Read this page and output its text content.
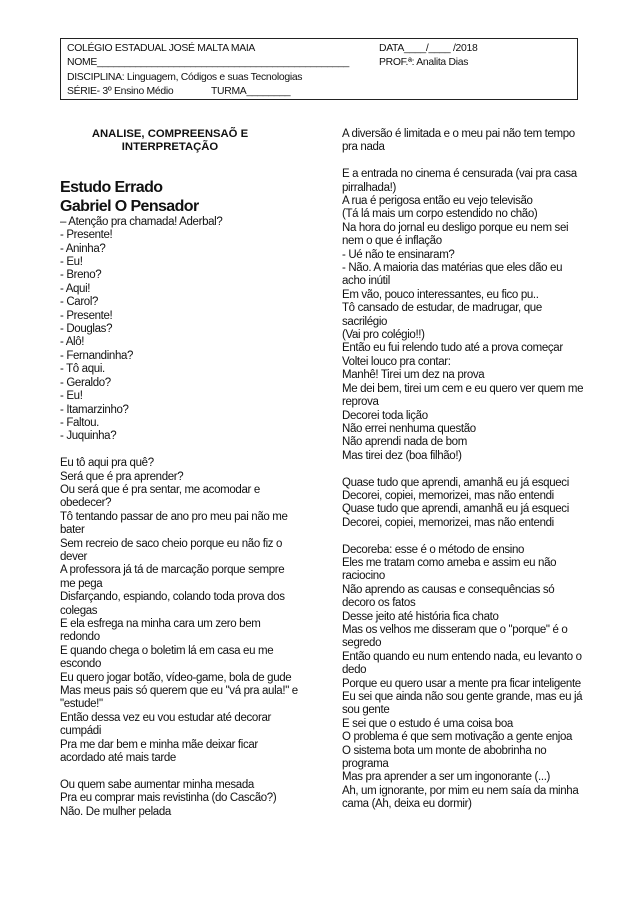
COLÉGIO ESTADUAL JOSÉ MALTA MAIA	DATA____/____ /2018
NOME______________________________________________	PROF.ª: Analita Dias
DISCIPLINA: Linguagem, Códigos e suas Tecnologias
SÉRIE- 3º Ensino Médio	TURMA________
ANALISE, COMPREENSAÕ E
INTERPRETAÇÃO
Estudo Errado
Gabriel O Pensador
– Atenção pra chamada! Aderbal?
- Presente!
- Aninha?
- Eu!
- Breno?
- Aqui!
- Carol?
- Presente!
- Douglas?
- Alô!
- Fernandinha?
- Tô aqui.
- Geraldo?
- Eu!
- Itamarzinho?
- Faltou.
- Juquinha?
Eu tô aqui pra quê?
Será que é pra aprender?
Ou será que é pra sentar, me acomodar e
obedecer?
Tô tentando passar de ano pro meu pai não me
bater
Sem recreio de saco cheio porque eu não fiz o
dever
A professora já tá de marcação porque sempre
me pega
Disfarçando, espiando, colando toda prova dos
colegas
E ela esfrega na minha cara um zero bem
redondo
E quando chega o boletim lá em casa eu me
escondo
Eu quero jogar botão, vídeo-game, bola de gude
Mas meus pais só querem que eu "vá pra aula!" e
"estude!"
Então dessa vez eu vou estudar até decorar
cumpádi
Pra me dar bem e minha mãe deixar ficar
acordado até mais tarde
Ou quem sabe aumentar minha mesada
Pra eu comprar mais revistinha (do Cascão?)
Não. De mulher pelada
A diversão é limitada e o meu pai não tem tempo
pra nada
E a entrada no cinema é censurada (vai pra casa
pirralhada!)
A rua é perigosa então eu vejo televisão
(Tá lá mais um corpo estendido no chão)
Na hora do jornal eu desligo porque eu nem sei
nem o que é inflação
- Ué não te ensinaram?
- Não. A maioria das matérias que eles dão eu
acho inútil
Em vão, pouco interessantes, eu fico pu..
Tô cansado de estudar, de madrugar, que
sacrilégio
(Vai pro colégio!!)
Então eu fui relendo tudo até a prova começar
Voltei louco pra contar:
Manhê! Tirei um dez na prova
Me dei bem, tirei um cem e eu quero ver quem me
reprova
Decorei toda lição
Não errei nenhuma questão
Não aprendi nada de bom
Mas tirei dez (boa filhão!)
Quase tudo que aprendi, amanhã eu já esqueci
Decorei, copiei, memorizei, mas não entendi
Quase tudo que aprendi, amanhã eu já esqueci
Decorei, copiei, memorizei, mas não entendi
Decoreba: esse é o método de ensino
Eles me tratam como ameba e assim eu não
raciocino
Não aprendo as causas e consequências só
decoro os fatos
Desse jeito até história fica chato
Mas os velhos me disseram que o "porque" é o
segredo
Então quando eu num entendo nada, eu levanto o
dedo
Porque eu quero usar a mente pra ficar inteligente
Eu sei que ainda não sou gente grande, mas eu já
sou gente
E sei que o estudo é uma coisa boa
O problema é que sem motivação a gente enjoa
O sistema bota um monte de abobrinha no
programa
Mas pra aprender a ser um ingonorante (...)
Ah, um ignorante, por mim eu nem saía da minha
cama (Ah, deixa eu dormir)
